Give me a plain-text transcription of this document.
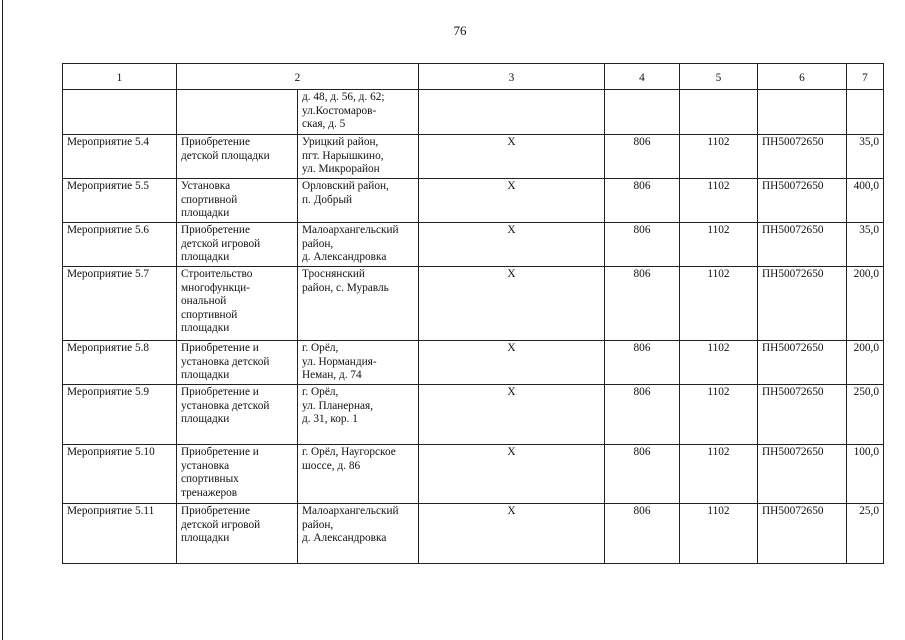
76
1	2		3	4	5	6	7
		д. 48, д. 56, д. 62;
ул.Костомаров-
ская, д. 5					
Мероприятие 5.4	Приобретение
детской площадки	Урицкий район,
пгт. Нарышкино,
ул. Микрорайон	X	806	1102	ПН50072650	35,0
Мероприятие 5.5	Установка
спортивной
площадки	Орловский район,
п. Добрый	X	806	1102	ПН50072650	400,0
Мероприятие 5.6	Приобретение
детской игровой
площадки	Малоархангельский
район,
д. Александровка	X	806	1102	ПН50072650	35,0
Мероприятие 5.7	Строительство
многофункци-
ональной
спортивной
площадки	Троснянский
район, с. Муравль	X	806	1102	ПН50072650	200,0
Мероприятие 5.8	Приобретение и
установка детской
площадки	г. Орёл,
ул. Нормандия-
Неман, д. 74	X	806	1102	ПН50072650	200,0
Мероприятие 5.9	Приобретение и
установка детской
площадки	г. Орёл,
ул. Планерная,
д. 31, кор. 1	X	806	1102	ПН50072650	250,0
Мероприятие 5.10	Приобретение и
установка
спортивных
тренажеров	г. Орёл, Наугорское
шоссе, д. 86	X	806	1102	ПН50072650	100,0
Мероприятие 5.11	Приобретение
детской игровой
площадки	Малоархангельский
район,
д. Александровка	X	806	1102	ПН50072650	25,0
